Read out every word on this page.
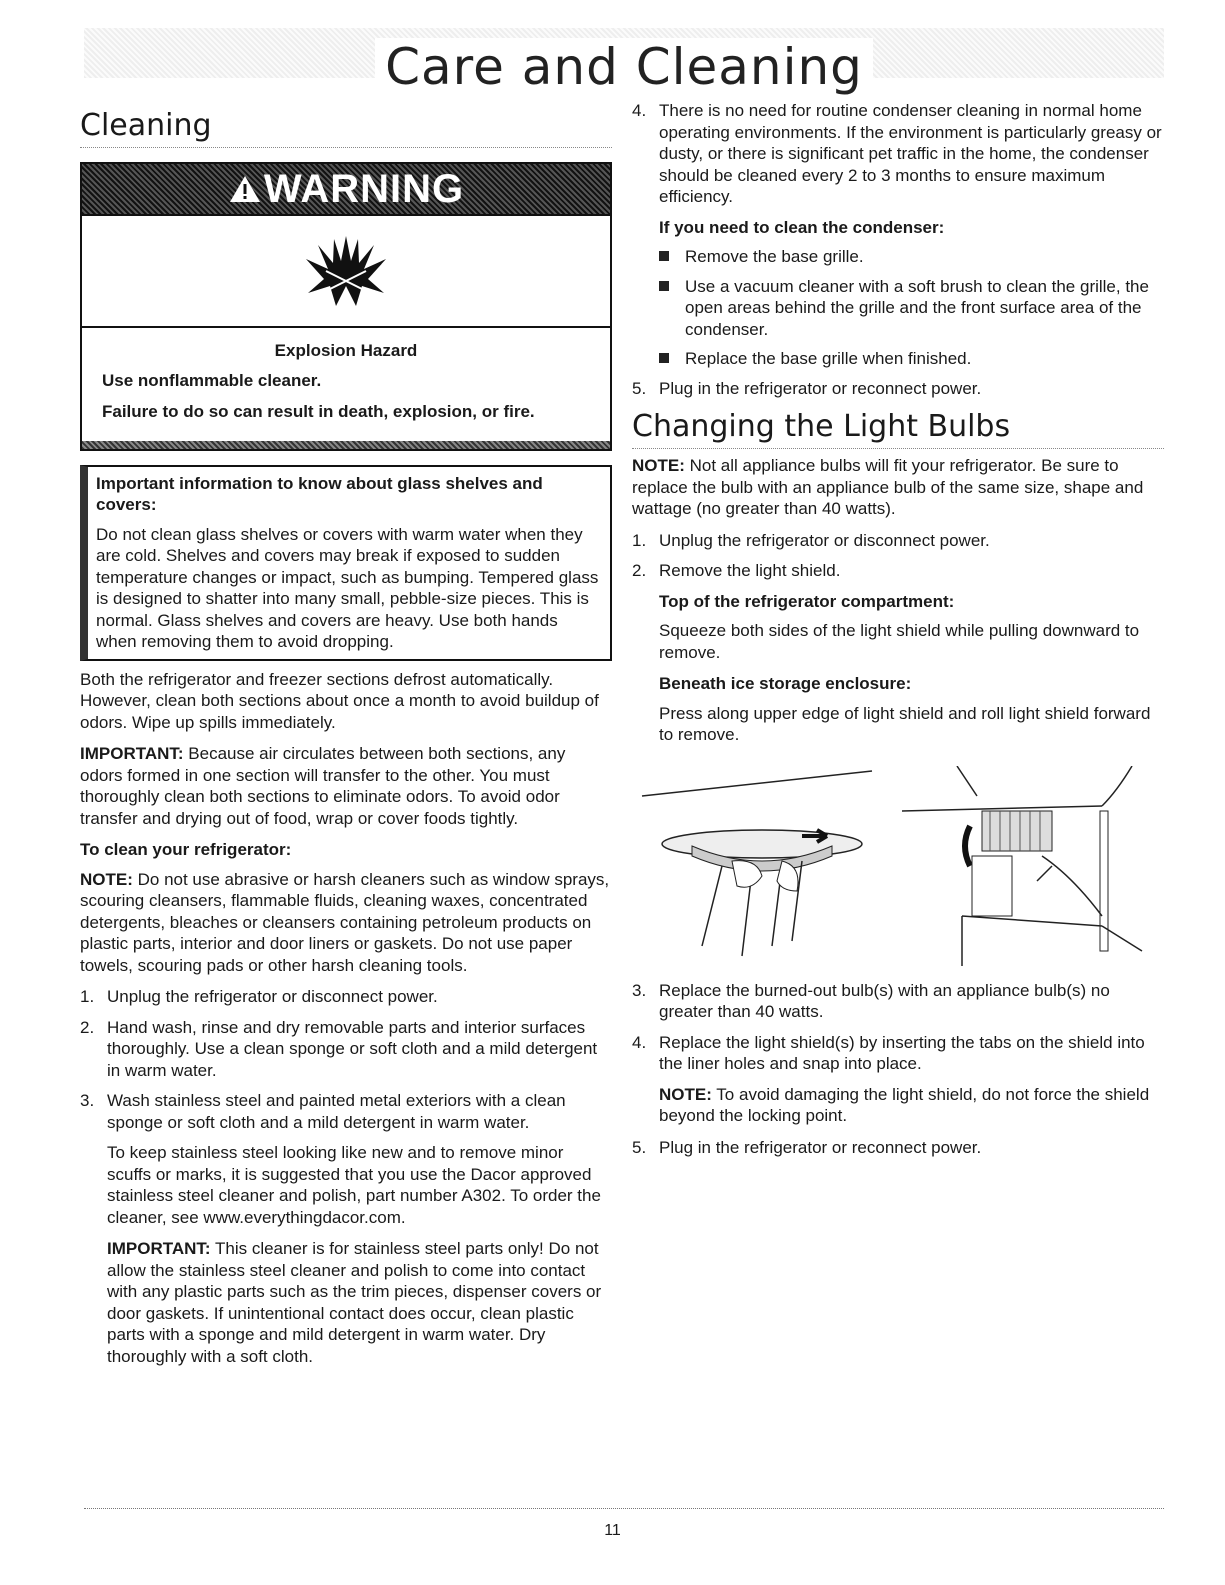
Care and Cleaning
Cleaning
WARNING
Explosion Hazard

Use nonflammable cleaner.

Failure to do so can result in death, explosion, or fire.

Important information to know about glass shelves and covers:
Do not clean glass shelves or covers with warm water when they are cold. Shelves and covers may break if exposed to sudden temperature changes or impact, such as bumping. Tempered glass is designed to shatter into many small, pebble-size pieces. This is normal. Glass shelves and covers are heavy. Use both hands when removing them to avoid dropping.

Both the refrigerator and freezer sections defrost automatically. However, clean both sections about once a month to avoid buildup of odors. Wipe up spills immediately.

IMPORTANT: Because air circulates between both sections, any odors formed in one section will transfer to the other. You must thoroughly clean both sections to eliminate odors. To avoid odor transfer and drying out of food, wrap or cover foods tightly.

To clean your refrigerator:

NOTE: Do not use abrasive or harsh cleaners such as window sprays, scouring cleansers, flammable fluids, cleaning waxes, concentrated detergents, bleaches or cleansers containing petroleum products on plastic parts, interior and door liners or gaskets. Do not use paper towels, scouring pads or other harsh cleaning tools.

1. Unplug the refrigerator or disconnect power.
2. Hand wash, rinse and dry removable parts and interior surfaces thoroughly. Use a clean sponge or soft cloth and a mild detergent in warm water.
3. Wash stainless steel and painted metal exteriors with a clean sponge or soft cloth and a mild detergent in warm water.

To keep stainless steel looking like new and to remove minor scuffs or marks, it is suggested that you use the Dacor approved stainless steel cleaner and polish, part number A302. To order the cleaner, see www.everythingdacor.com.

IMPORTANT: This cleaner is for stainless steel parts only! Do not allow the stainless steel cleaner and polish to come into contact with any plastic parts such as the trim pieces, dispenser covers or door gaskets. If unintentional contact does occur, clean plastic parts with a sponge and mild detergent in warm water. Dry thoroughly with a soft cloth.

4. There is no need for routine condenser cleaning in normal home operating environments. If the environment is particularly greasy or dusty, or there is significant pet traffic in the home, the condenser should be cleaned every 2 to 3 months to ensure maximum efficiency.
If you need to clean the condenser:
Remove the base grille.
Use a vacuum cleaner with a soft brush to clean the grille, the open areas behind the grille and the front surface area of the condenser.
Replace the base grille when finished.
5. Plug in the refrigerator or reconnect power.
Changing the Light Bulbs

NOTE: Not all appliance bulbs will fit your refrigerator. Be sure to replace the bulb with an appliance bulb of the same size, shape and wattage (no greater than 40 watts).

1. Unplug the refrigerator or disconnect power.
2. Remove the light shield.
Top of the refrigerator compartment:

Squeeze both sides of the light shield while pulling downward to remove.

Beneath ice storage enclosure:

Press along upper edge of light shield and roll light shield forward to remove.

3. Replace the burned-out bulb(s) with an appliance bulb(s) no greater than 40 watts.
4. Replace the light shield(s) by inserting the tabs on the shield into the liner holes and snap into place.

NOTE: To avoid damaging the light shield, do not force the shield beyond the locking point.

5. Plug in the refrigerator or reconnect power.
11
